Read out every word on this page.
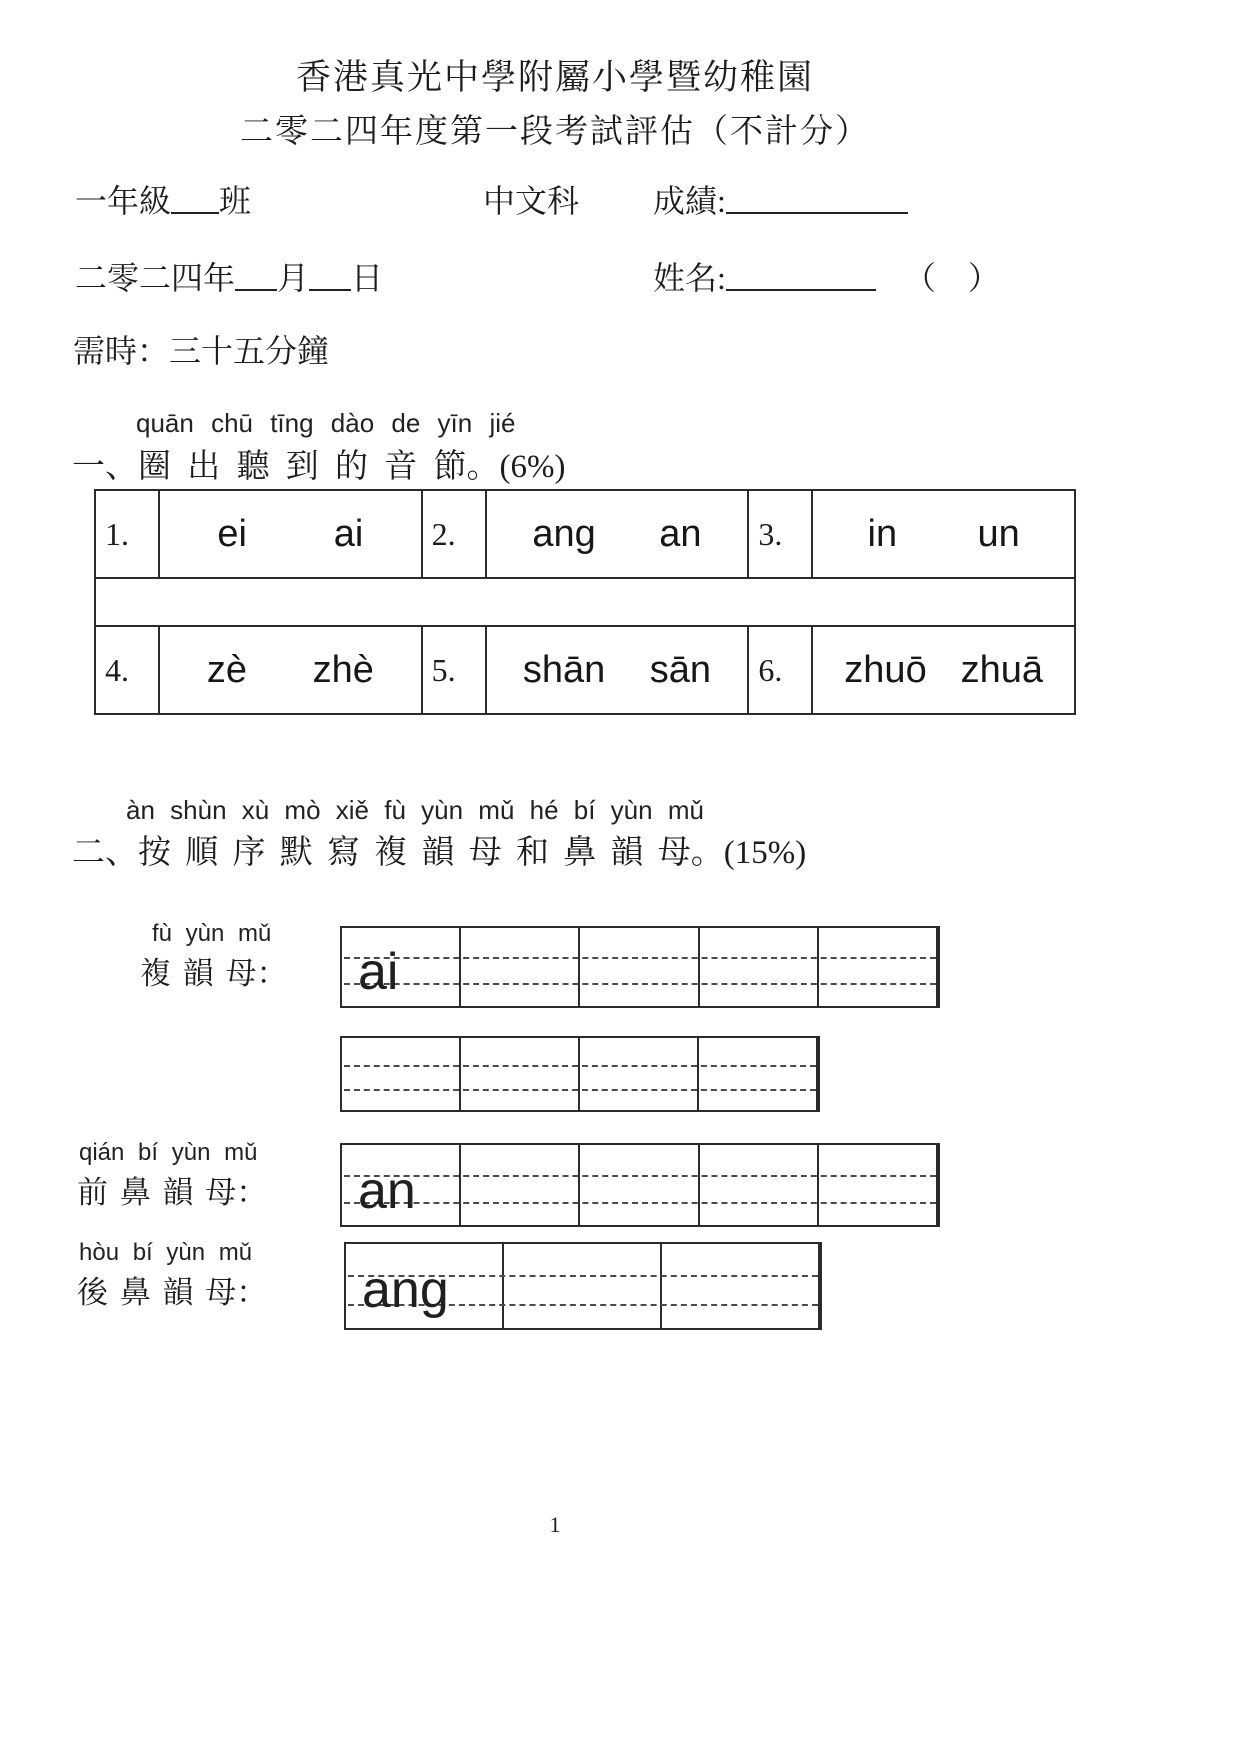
香港真光中學附屬小學暨幼稚園
二零二四年度第一段考試評估（不計分）
一年級 班	中文科 成績:
二零二四年 月 日	姓名:	（　）
需時：三十五分鐘
quān chū tīng dào de yīn jié
一、圈 出 聽 到 的 音 節。(6%)
1.	ei ai 2.	ang an 3.	in un
4.	zè zhè 5.	shān sān 6.	zhuō zhuā
àn shùn xù mò xiě fù yùn mǔ hé bí yùn mǔ
二、按 順 序 默 寫 複 韻 母 和 鼻 韻 母。(15%)
fù yùn mǔ
複 韻 母： ai
qián bí yùn mǔ
前 鼻 韻 母： an
hòu bí yùn mǔ
後 鼻 韻 母： ang
1
